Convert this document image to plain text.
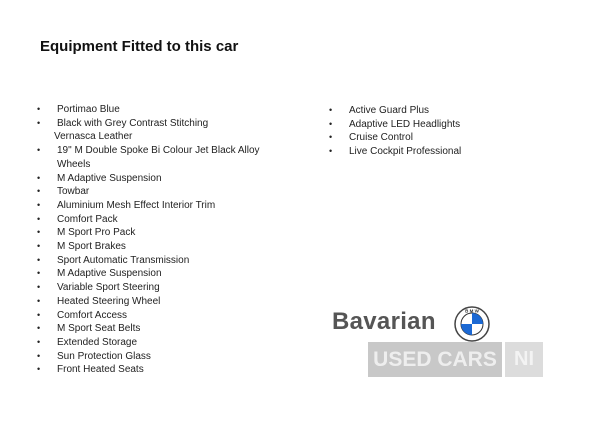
Equipment Fitted to this car
• Portimao Blue
• Black with Grey Contrast Stitching
Vernasca Leather
• 19" M Double Spoke Bi Colour Jet Black Alloy
Wheels
• M Adaptive Suspension
• Towbar
• Aluminium Mesh Effect Interior Trim
• Comfort Pack
• M Sport Pro Pack
• M Sport Brakes
• Sport Automatic Transmission
• M Adaptive Suspension
• Variable Sport Steering
• Heated Steering Wheel
• Comfort Access
• M Sport Seat Belts
• Extended Storage
• Sun Protection Glass
• Front Heated Seats
• Active Guard Plus
• Adaptive LED Headlights
• Cruise Control
• Live Cockpit Professional
Bavarian	B M W
USED CARS NI
